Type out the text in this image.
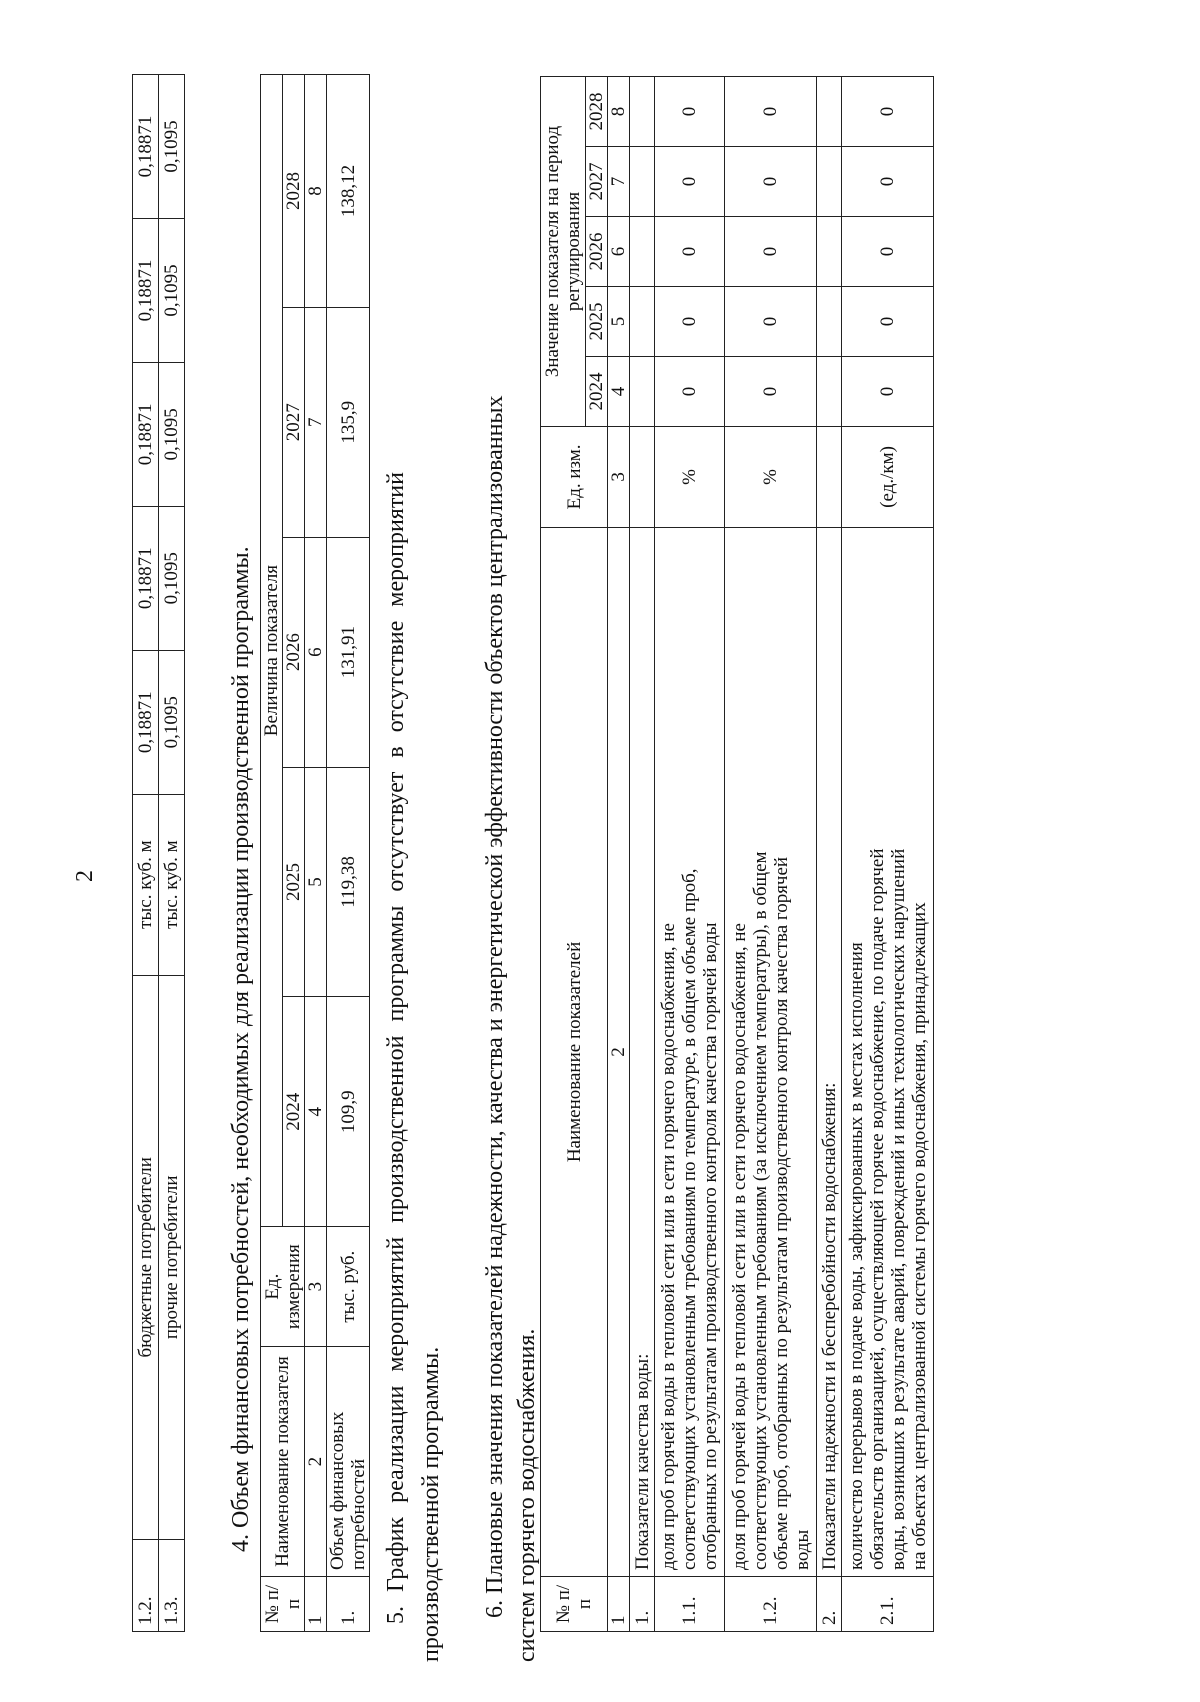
2
1.2.	бюджетные потребители	тыс. куб. м	0,18871	0,18871	0,18871	0,18871	0,18871
1.3.	прочие потребители	тыс. куб. м	0,1095	0,1095	0,1095	0,1095	0,1095
4. Объем финансовых потребностей, необходимых для реализации производственной программы.
№ п/п	Наименование показателя	Ед. измерения	Величина показателя				
			2024	2025	2026	2027	2028
1	2	3	4	5	6	7	8
1.	Объем финансовых потребностей	тыс. руб.	109,9	119,38	131,91	135,9	138,12
5. График реализации мероприятий производственной программы отсутствует в отсутствие мероприятий производственной программы. 6. Плановые значения показателей надежности, качества и энергетической эффективности объектов централизованных систем горячего водоснабжения. № п/п	Наименование показателей	Ед. изм.	Значение показателя на период регулирования				
			2024	2025	2026	2027	2028
1	2	3	4	5	6	7	8
1.	Показатели качества воды:						
1.1.	доля проб горячей воды в тепловой сети или в сети горячего водоснабжения, не соответствующих установленным требованиям по температуре, в общем объеме проб, отобранных по результатам производственного контроля качества горячей воды	%	0	0	0	0	0
1.2.	доля проб горячей воды в тепловой сети или в сети горячего водоснабжения, не соответствующих установленным требованиям (за исключением температуры), в общем объеме проб, отобранных по результатам производственного контроля качества горячей воды	%	0	0	0	0	0
2.	Показатели надежности и бесперебойности водоснабжения:						
2.1.	количество перерывов в подаче воды, зафиксированных в местах исполнения обязательств организацией, осуществляющей горячее водоснабжение, по подаче горячей воды, возникших в результате аварий, повреждений и иных технологических нарушений на объектах централизованной системы горячего водоснабжения, принадлежащих	(ед./км)	0	0	0	0	0
